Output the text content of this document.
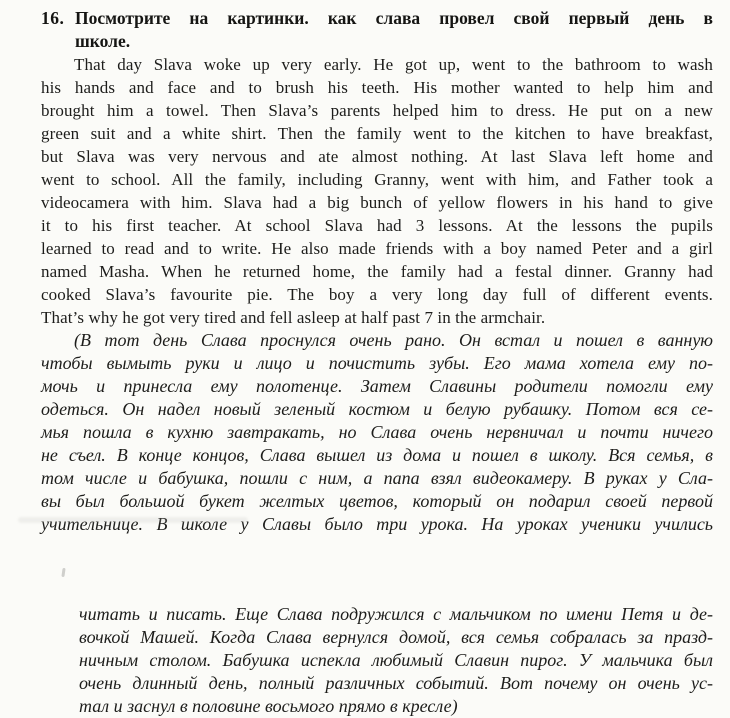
16. Посмотрите на картинки. как слава провел свой первый день в
школе.
That day Slava woke up very early. He got up, went to the bathroom to wash
his hands and face and to brush his teeth. His mother wanted to help him and
brought him a towel. Then Slava’s parents helped him to dress. He put on a new
green suit and a white shirt. Then the family went to the kitchen to have breakfast,
but Slava was very nervous and ate almost nothing. At last Slava left home and
went to school. All the family, including Granny, went with him, and Father took a
videocamera with him. Slava had a big bunch of yellow flowers in his hand to give
it to his first teacher. At school Slava had 3 lessons. At the lessons the pupils
learned to read and to write. He also made friends with a boy named Peter and a girl
named Masha. When he returned home, the family had a festal dinner. Granny had
cooked Slava’s favourite pie. The boy a very long day full of different events.
That’s why he got very tired and fell asleep at half past 7 in the armchair.
(В тот день Слава проснулся очень рано. Он встал и пошел в ванную
чтобы вымыть руки и лицо и почистить зубы. Его мама хотела ему по-
мочь и принесла ему полотенце. Затем Славины родители помогли ему
одеться. Он надел новый зеленый костюм и белую рубашку. Потом вся се-
мья пошла в кухню завтракать, но Слава очень нервничал и почти ничего
не съел. В конце концов, Слава вышел из дома и пошел в школу. Вся семья, в
том числе и бабушка, пошли с ним, а папа взял видеокамеру. В руках у Сла-
вы был большой букет желтых цветов, который он подарил своей первой
учительнице. В школе у Славы было три урока. На уроках ученики учились
читать и писать. Еще Слава подружился с мальчиком по имени Петя и де-
вочкой Машей. Когда Слава вернулся домой, вся семья собралась за празд-
ничным столом. Бабушка испекла любимый Славин пирог. У мальчика был
очень длинный день, полный различных событий. Вот почему он очень ус-
тал и заснул в половине восьмого прямо в кресле)
